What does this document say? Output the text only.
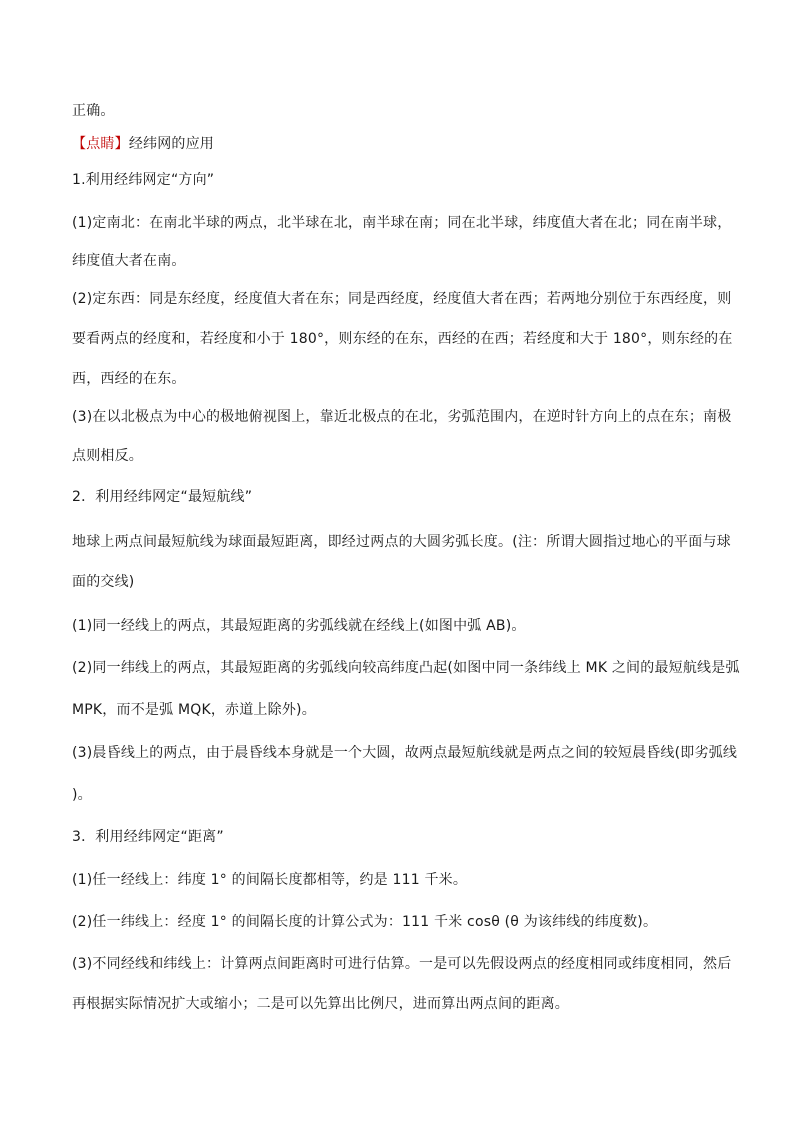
正确。
【点睛】经纬网的应用
1.利用经纬网定“方向”
(1)定南北：在南北半球的两点，北半球在北，南半球在南；同在北半球，纬度值大者在北；同在南半球，
纬度值大者在南。
(2)定东西：同是东经度，经度值大者在东；同是西经度，经度值大者在西；若两地分别位于东西经度，则
要看两点的经度和，若经度和小于 180°，则东经的在东，西经的在西；若经度和大于 180°，则东经的在
西，西经的在东。
(3)在以北极点为中心的极地俯视图上，靠近北极点的在北，劣弧范围内，在逆时针方向上的点在东；南极
点则相反。
2．利用经纬网定“最短航线”
地球上两点间最短航线为球面最短距离，即经过两点的大圆劣弧长度。(注：所谓大圆指过地心的平面与球
面的交线)
(1)同一经线上的两点，其最短距离的劣弧线就在经线上(如图中弧 AB)。
(2)同一纬线上的两点，其最短距离的劣弧线向较高纬度凸起(如图中同一条纬线上 MK 之间的最短航线是弧
MPK，而不是弧 MQK，赤道上除外)。
(3)晨昏线上的两点，由于晨昏线本身就是一个大圆，故两点最短航线就是两点之间的较短晨昏线(即劣弧线
)。
3．利用经纬网定“距离”
(1)任一经线上：纬度 1° 的间隔长度都相等，约是 111 千米。
(2)任一纬线上：经度 1° 的间隔长度的计算公式为：111 千米 cosθ (θ 为该纬线的纬度数)。
(3)不同经线和纬线上：计算两点间距离时可进行估算。一是可以先假设两点的经度相同或纬度相同，然后
再根据实际情况扩大或缩小；二是可以先算出比例尺，进而算出两点间的距离。
